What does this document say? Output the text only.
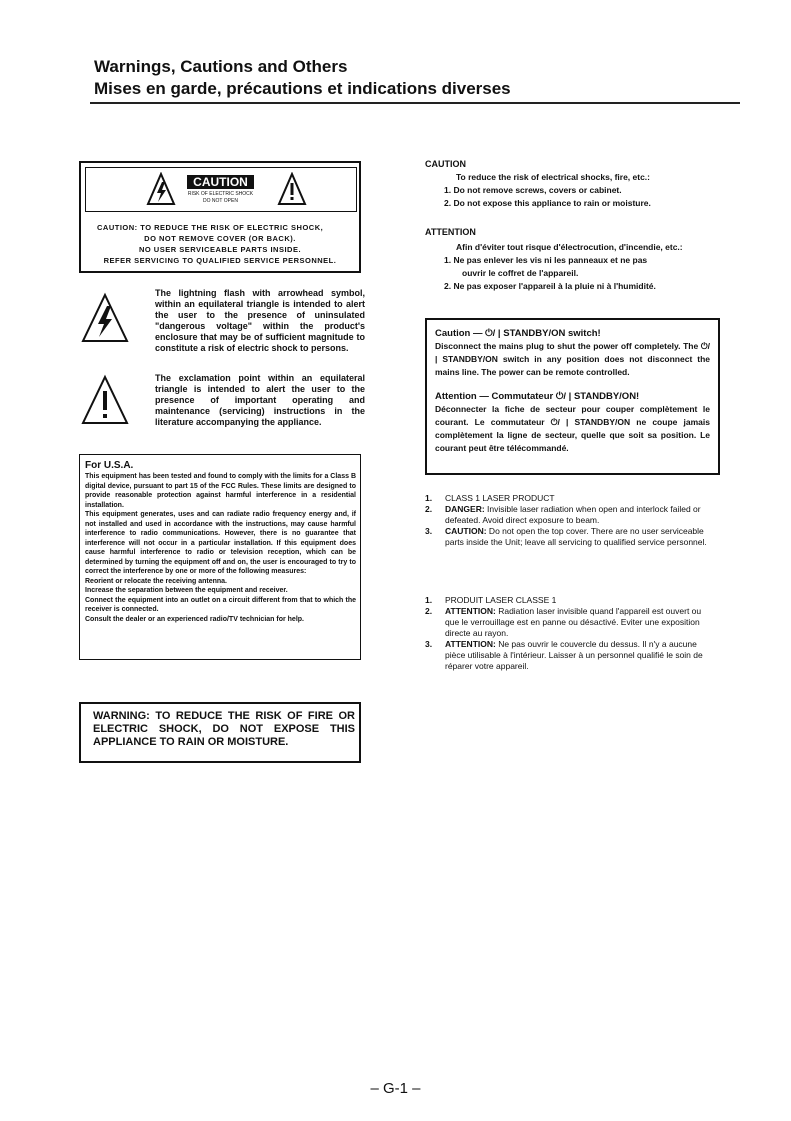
Warnings, Cautions and Others
Mises en garde, précautions et indications diverses
CAUTION
RISK OF ELECTRIC SHOCK
DO NOT OPEN
CAUTION: TO REDUCE THE RISK OF ELECTRIC SHOCK,
DO NOT REMOVE COVER (OR BACK).
NO USER SERVICEABLE PARTS INSIDE.
REFER SERVICING TO QUALIFIED SERVICE PERSONNEL.
The lightning flash with arrowhead symbol, within an equilateral triangle is intended to alert the user to the presence of uninsulated "dangerous voltage" within the product's enclosure that may be of sufficient magnitude to constitute a risk of electric shock to persons.
The exclamation point within an equilateral triangle is intended to alert the user to the presence of important operating and maintenance (servicing) instructions in the literature accompanying the appliance.
For U.S.A.
This equipment has been tested and found to comply with the limits for a Class B digital device, pursuant to part 15 of the FCC Rules. These limits are designed to provide reasonable protection against harmful interference in a residential installation.
This equipment generates, uses and can radiate radio frequency energy and, if not installed and used in accordance with the instructions, may cause harmful interference to radio communications. However, there is no guarantee that interference will not occur in a particular installation. If this equipment does cause harmful interference to radio or television reception, which can be determined by turning the equipment off and on, the user is encouraged to try to correct the interference by one or more of the following measures:
Reorient or relocate the receiving antenna.
Increase the separation between the equipment and receiver.
Connect the equipment into an outlet on a circuit different from that to which the receiver is connected.
Consult the dealer or an experienced radio/TV technician for help.
WARNING: TO REDUCE THE RISK OF FIRE OR ELECTRIC SHOCK, DO NOT EXPOSE THIS APPLIANCE TO RAIN OR MOISTURE.
CAUTION
To reduce the risk of electrical shocks, fire, etc.:
1. Do not remove screws, covers or cabinet.
2. Do not expose this appliance to rain or moisture.
ATTENTION
Afin d'éviter tout risque d'électrocution, d'incendie, etc.:
1. Ne pas enlever les vis ni les panneaux et ne pas
ouvrir le coffret de l'appareil.
2. Ne pas exposer l'appareil à la pluie ni à l'humidité.
Caution — ⏻/ | STANDBY/ON switch!
Disconnect the mains plug to shut the power off completely. The ⏻/ | STANDBY/ON switch in any position does not disconnect the mains line. The power can be remote controlled.
Attention — Commutateur ⏻/ | STANDBY/ON!
Déconnecter la fiche de secteur pour couper complètement le courant. Le commutateur ⏻/ | STANDBY/ON ne coupe jamais complètement la ligne de secteur, quelle que soit sa position. Le courant peut être télécommandé.
1. CLASS 1 LASER PRODUCT
2. DANGER: Invisible laser radiation when open and interlock failed or defeated. Avoid direct exposure to beam.
3. CAUTION: Do not open the top cover. There are no user serviceable parts inside the Unit; leave all servicing to qualified service personnel.
1. PRODUIT LASER CLASSE 1
2. ATTENTION: Radiation laser invisible quand l'appareil est ouvert ou que le verrouillage est en panne ou désactivé. Eviter une exposition directe au rayon.
3. ATTENTION: Ne pas ouvrir le couvercle du dessus. Il n'y a aucune pièce utilisable à l'intérieur. Laisser à un personnel qualifié le soin de réparer votre appareil.
– G-1 –
